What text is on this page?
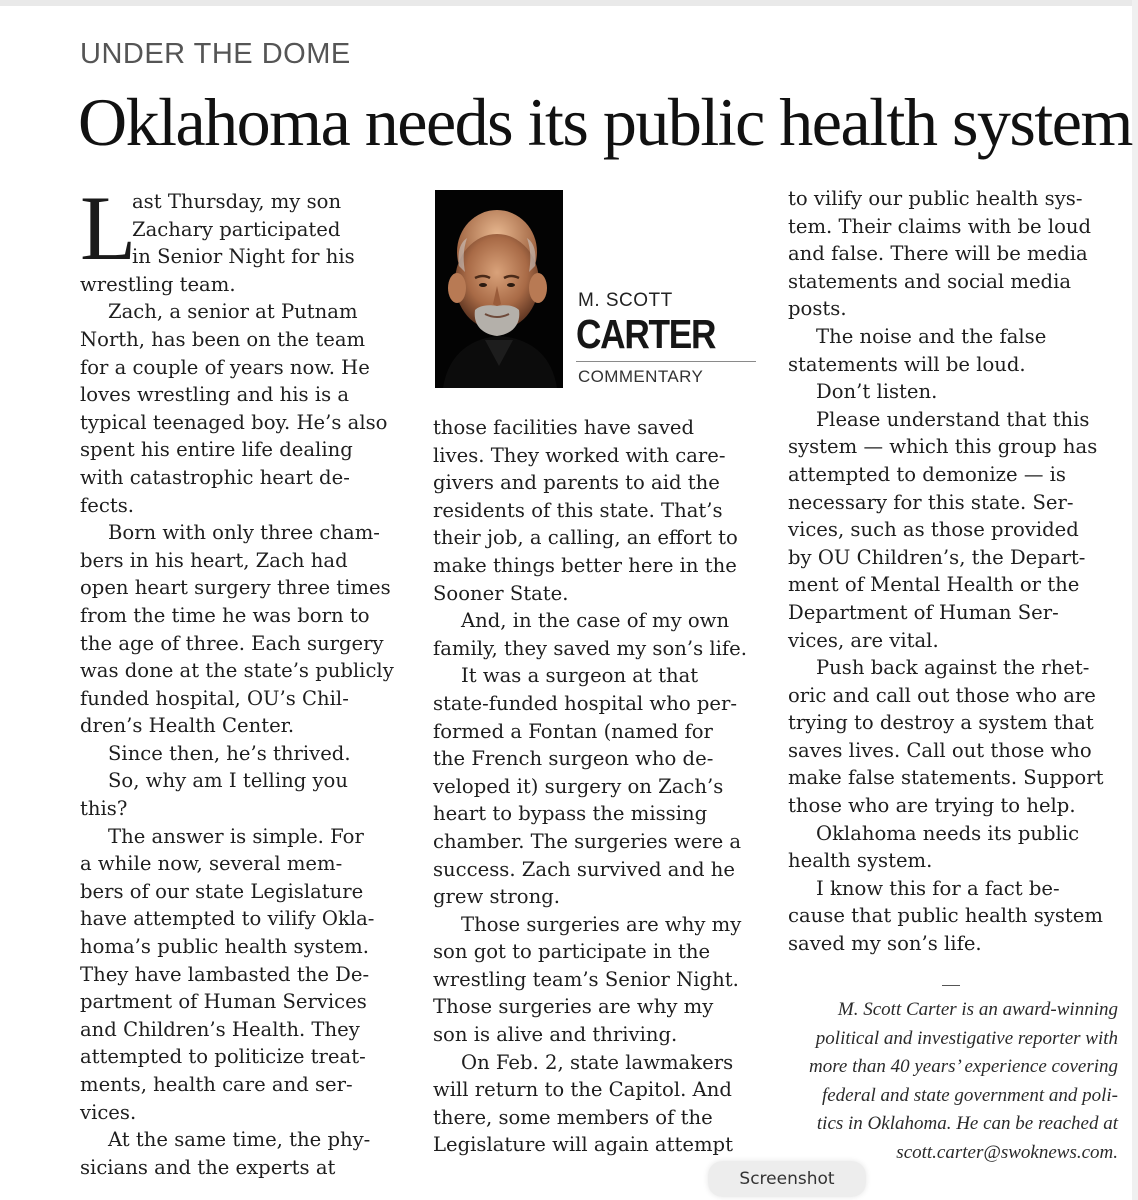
UNDER THE DOME
Oklahoma needs its public health system
L
ast Thursday, my son
Zachary participated
in Senior Night for his
wrestling team.
Zach, a senior at Putnam
North, has been on the team
for a couple of years now. He
loves wrestling and his is a
typical teenaged boy. He’s also
spent his entire life dealing
with catastrophic heart de-
fects.
Born with only three cham-
bers in his heart, Zach had
open heart surgery three times
from the time he was born to
the age of three. Each surgery
was done at the state’s publicly
funded hospital, OU’s Chil-
dren’s Health Center.
Since then, he’s thrived.
So, why am I telling you
this?
The answer is simple. For
a while now, several mem-
bers of our state Legislature
have attempted to vilify Okla-
homa’s public health system.
They have lambasted the De-
partment of Human Services
and Children’s Health. They
attempted to politicize treat-
ments, health care and ser-
vices.
At the same time, the phy-
sicians and the experts at
M. SCOTT
CARTER
COMMENTARY
those facilities have saved
lives. They worked with care-
givers and parents to aid the
residents of this state. That’s
their job, a calling, an effort to
make things better here in the
Sooner State.
And, in the case of my own
family, they saved my son’s life.
It was a surgeon at that
state-funded hospital who per-
formed a Fontan (named for
the French surgeon who de-
veloped it) surgery on Zach’s
heart to bypass the missing
chamber. The surgeries were a
success. Zach survived and he
grew strong.
Those surgeries are why my
son got to participate in the
wrestling team’s Senior Night.
Those surgeries are why my
son is alive and thriving.
On Feb. 2, state lawmakers
will return to the Capitol. And
there, some members of the
Legislature will again attempt
to vilify our public health sys-
tem. Their claims with be loud
and false. There will be media
statements and social media
posts.
The noise and the false
statements will be loud.
Don’t listen.
Please understand that this
system — which this group has
attempted to demonize — is
necessary for this state. Ser-
vices, such as those provided
by OU Children’s, the Depart-
ment of Mental Health or the
Department of Human Ser-
vices, are vital.
Push back against the rhet-
oric and call out those who are
trying to destroy a system that
saves lives. Call out those who
make false statements. Support
those who are trying to help.
Oklahoma needs its public
health system.
I know this for a fact be-
cause that public health system
saved my son’s life.
M. Scott Carter is an award-winning
political and investigative reporter with
more than 40 years’ experience covering
federal and state government and poli-
tics in Oklahoma. He can be reached at
scott.carter@swoknews.com.
Screenshot
